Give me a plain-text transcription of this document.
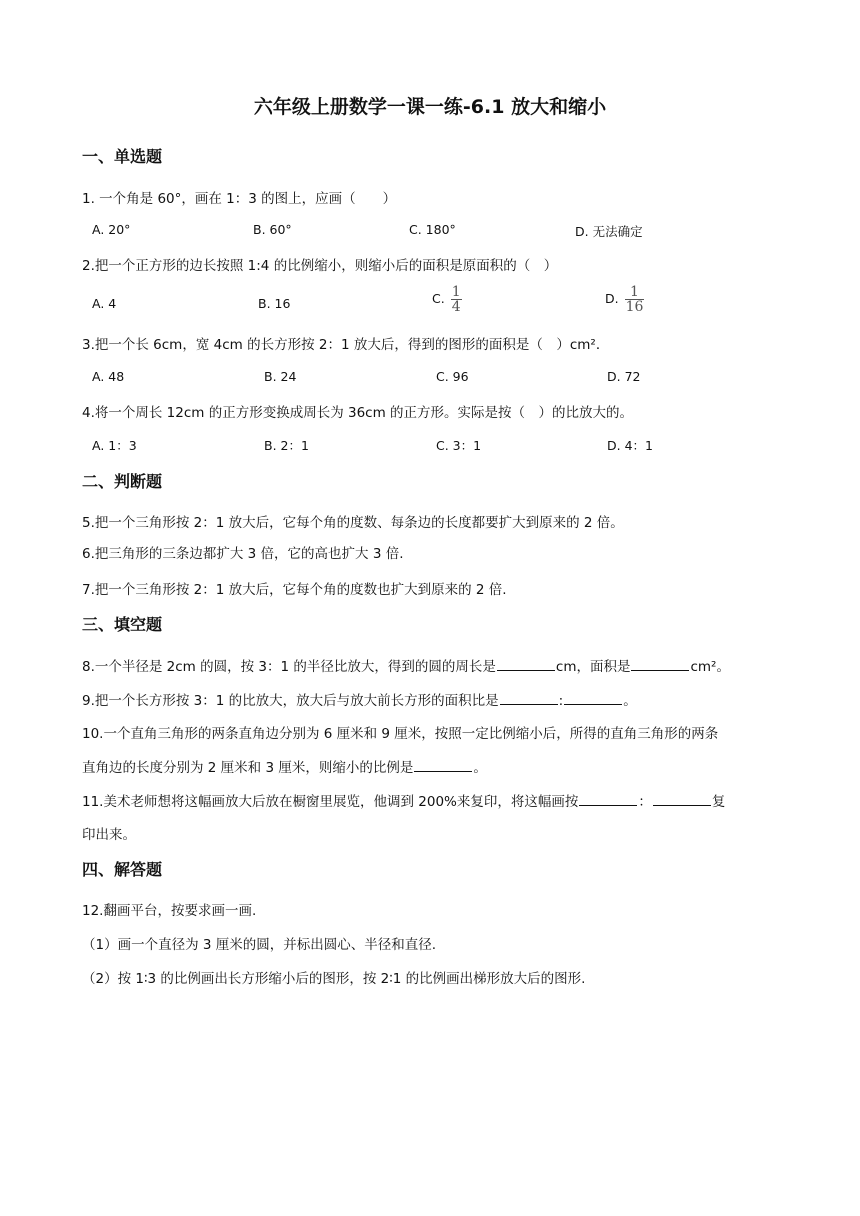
六年级上册数学一课一练-6.1 放大和缩小
一、单选题
1. 一个角是 60°，画在 1：3 的图上，应画（　　）
A. 20°	B. 60°	C. 180°	D. 无法确定
2.把一个正方形的边长按照 1:4 的比例缩小，则缩小后的面积是原面积的（　）
A. 4	B. 16	C. $\frac{1}{4}$	D. $\frac{1}{16}$
3.把一个长 6cm，宽 4cm 的长方形按 2：1 放大后，得到的图形的面积是（　）cm²．
A. 48	B. 24	C. 96	D. 72
4.将一个周长 12cm 的正方形变换成周长为 36cm 的正方形。实际是按（　）的比放大的。
A. 1：3	B. 2：1	C. 3：1	D. 4：1
二、判断题
5.把一个三角形按 2：1 放大后，它每个角的度数、每条边的长度都要扩大到原来的 2 倍。
6.把三角形的三条边都扩大 3 倍，它的高也扩大 3 倍.
7.把一个三角形按 2：1 放大后，它每个角的度数也扩大到原来的 2 倍.
三、填空题
8.一个半径是 2cm 的圆，按 3：1 的半径比放大，得到的圆的周长是	cm，面积是	cm²。
9.把一个长方形按 3：1 的比放大，放大后与放大前长方形的面积比是	:	。
10.一个直角三角形的两条直角边分别为 6 厘米和 9 厘米，按照一定比例缩小后，所得的直角三角形的两条
直角边的长度分别为 2 厘米和 3 厘米，则缩小的比例是	。
11.美术老师想将这幅画放大后放在橱窗里展览，他调到 200%来复印，将这幅画按	：	复
印出来。
四、解答题
12.翻画平台，按要求画一画.
（1）画一个直径为 3 厘米的圆，并标出圆心、半径和直径.
（2）按 1∶3 的比例画出长方形缩小后的图形，按 2∶1 的比例画出梯形放大后的图形.
